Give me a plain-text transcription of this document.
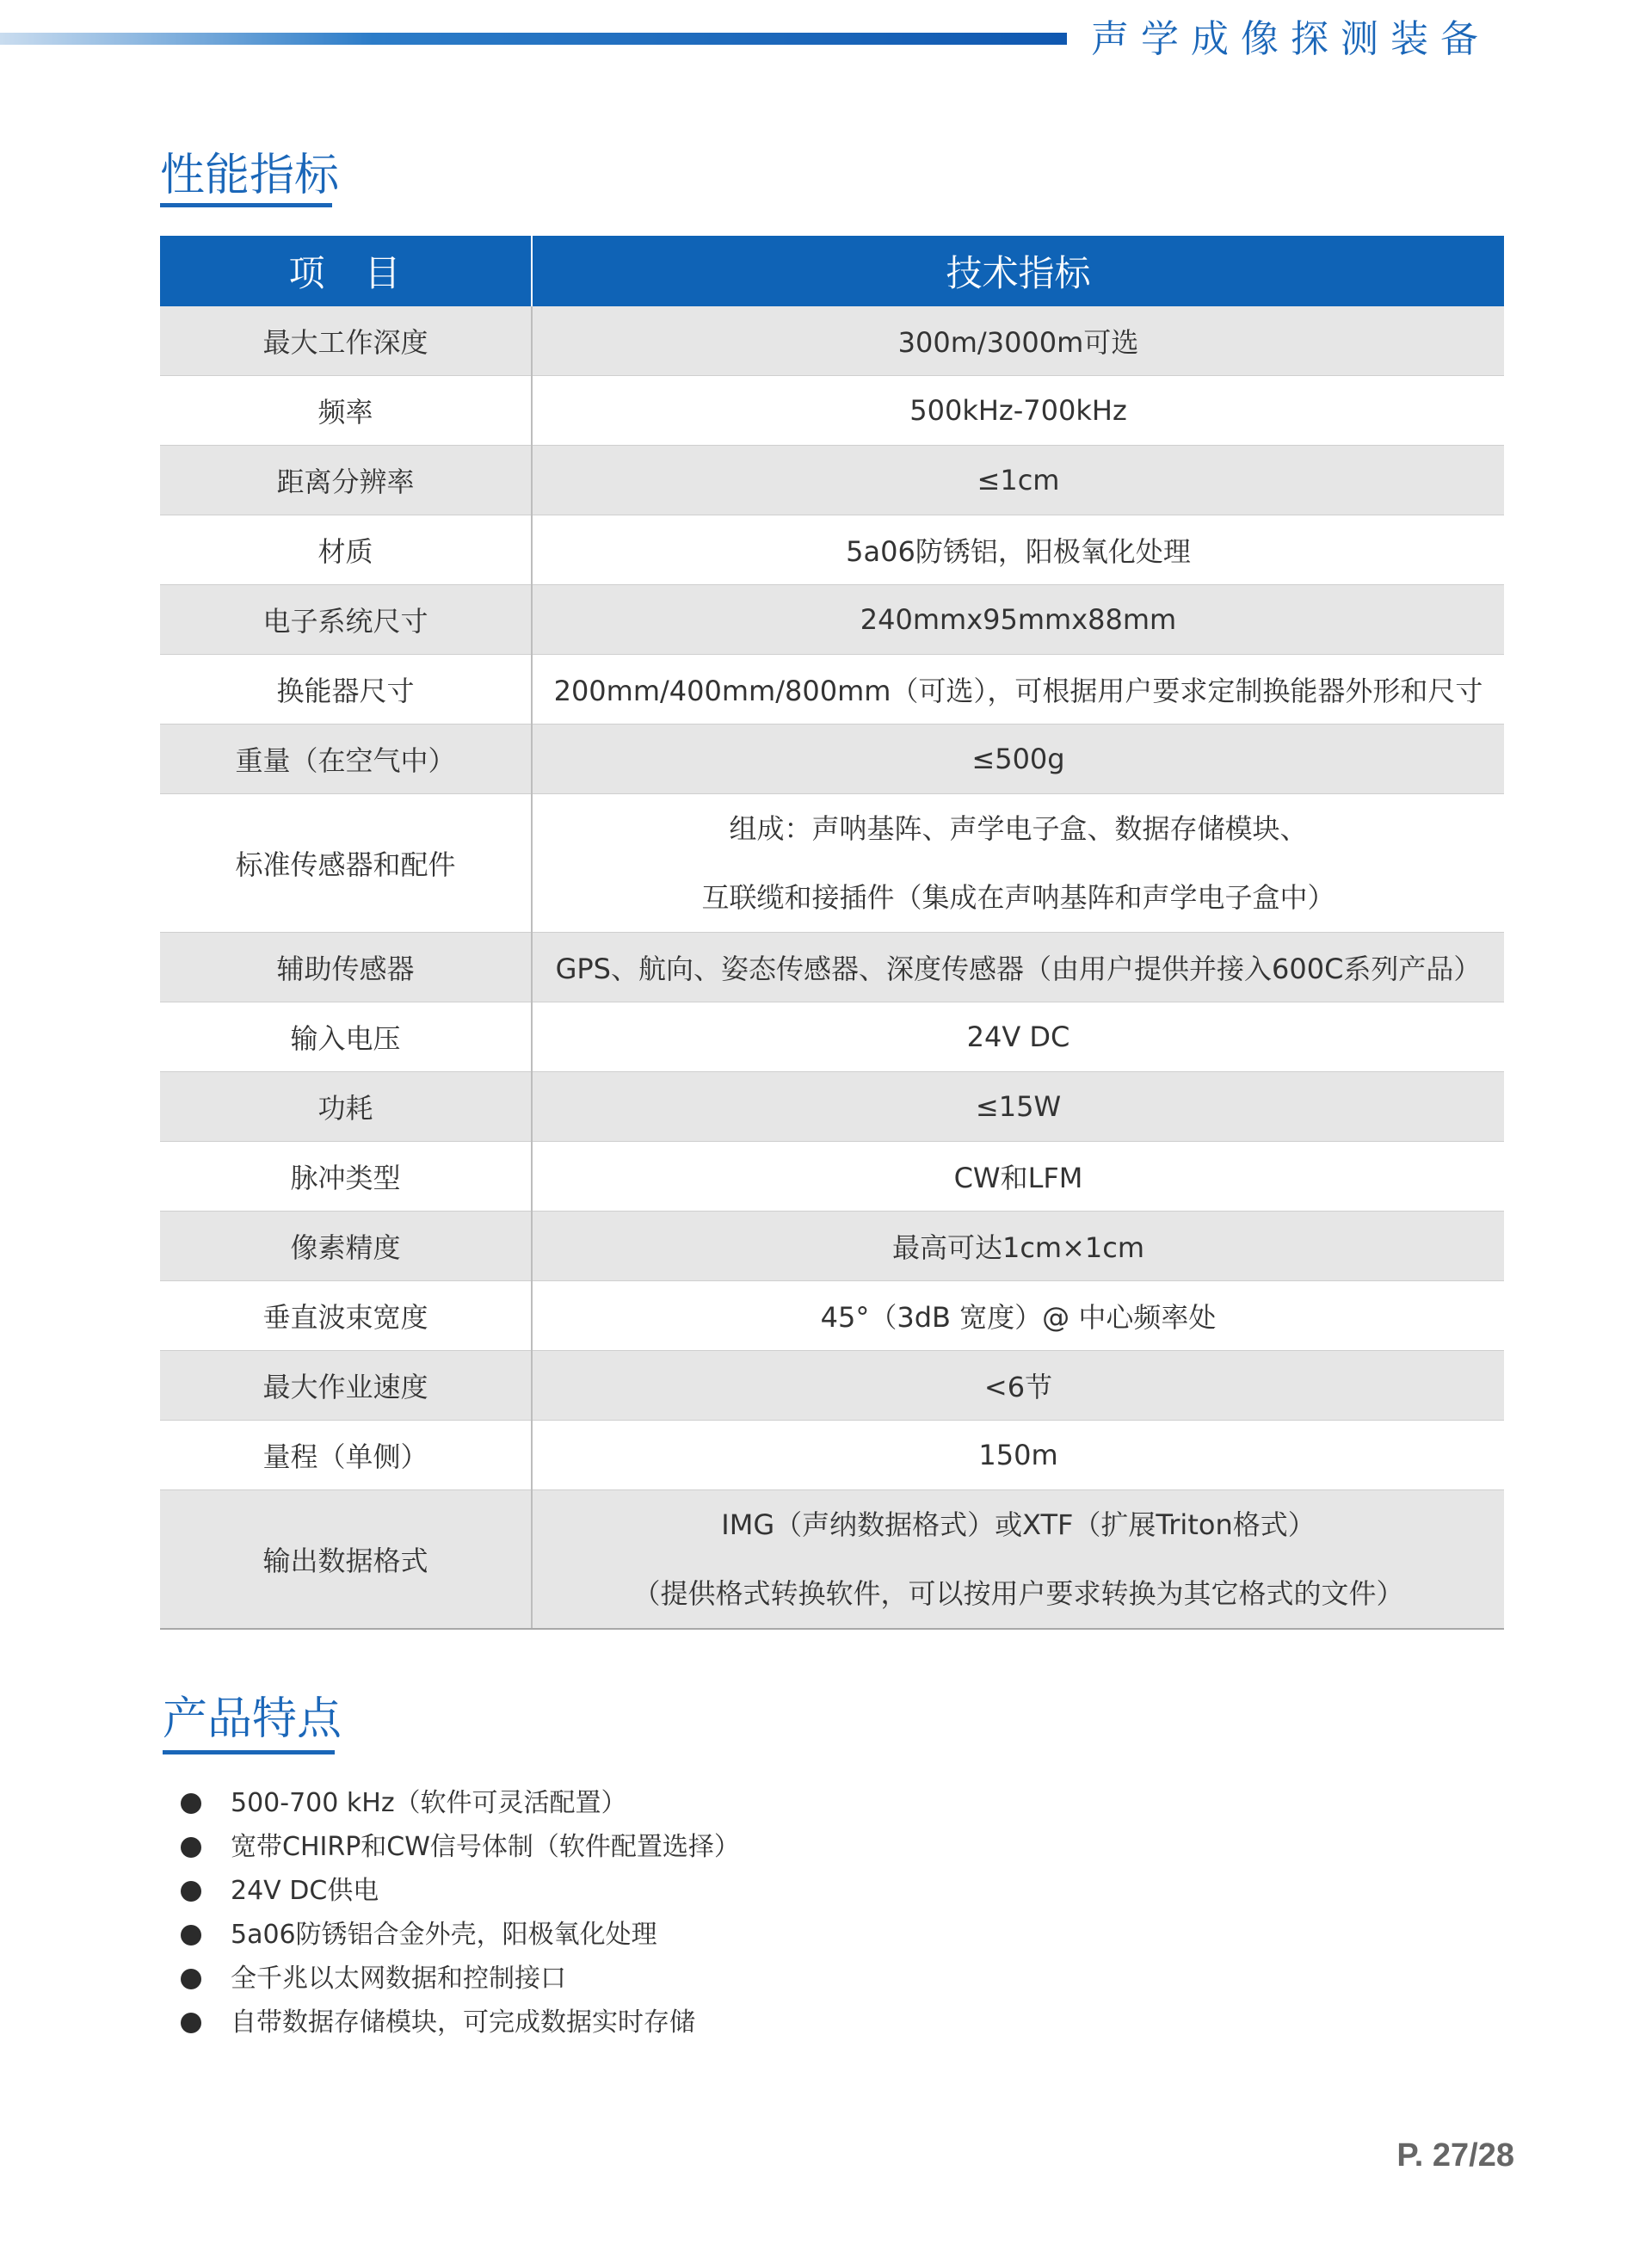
声学成像探测装备
性能指标
项　目	技术指标
最大工作深度	300m/3000m可选

频率	500kHz-700kHz

距离分辨率	≤1cm

材质	5a06防锈铝，阳极氧化处理

电子系统尺寸	240mmx95mmx88mm

换能器尺寸	200mm/400mm/800mm（可选），可根据用户要求定制换能器外形和尺寸

重量（在空气中）	≤500g

标准传感器和配件	组成：声呐基阵、声学电子盒、数据存储模块、
互联缆和接插件（集成在声呐基阵和声学电子盒中）

辅助传感器	GPS、航向、姿态传感器、深度传感器（由用户提供并接入600C系列产品）

输入电压	24V DC

功耗	≤15W

脉冲类型	CW和LFM

像素精度	最高可达1cm×1cm

垂直波束宽度	45°（3dB 宽度）@ 中心频率处

最大作业速度	<6节

量程（单侧）	150m

输出数据格式	IMG（声纳数据格式）或XTF（扩展Triton格式）
（提供格式转换软件，可以按用户要求转换为其它格式的文件）
产品特点
500-700 kHz（软件可灵活配置）
宽带CHIRP和CW信号体制（软件配置选择）
24V DC供电
5a06防锈铝合金外壳，阳极氧化处理
全千兆以太网数据和控制接口
自带数据存储模块，可完成数据实时存储
P. 27/28
